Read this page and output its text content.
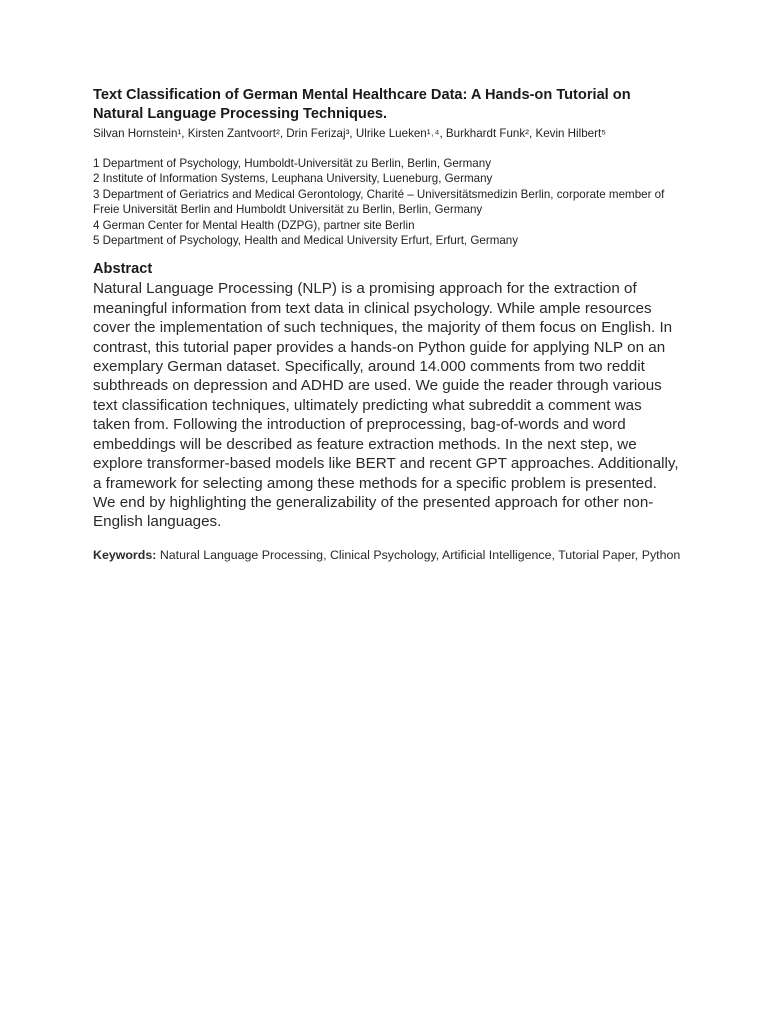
Text Classification of German Mental Healthcare Data: A Hands-on Tutorial on Natural Language Processing Techniques.

Silvan Hornstein¹, Kirsten Zantvoort², Drin Ferizaj³, Ulrike Lueken¹˒⁴, Burkhardt Funk², Kevin Hilbert⁵

1 Department of Psychology, Humboldt-Universität zu Berlin, Berlin, Germany
2 Institute of Information Systems, Leuphana University, Lueneburg, Germany
3 Department of Geriatrics and Medical Gerontology, Charité – Universitätsmedizin Berlin, corporate member of Freie Universität Berlin and Humboldt Universität zu Berlin, Berlin, Germany
4 German Center for Mental Health (DZPG), partner site Berlin
5 Department of Psychology, Health and Medical University Erfurt, Erfurt, Germany
Abstract

Natural Language Processing (NLP) is a promising approach for the extraction of meaningful information from text data in clinical psychology. While ample resources cover the implementation of such techniques, the majority of them focus on English. In contrast, this tutorial paper provides a hands-on Python guide for applying NLP on an exemplary German dataset. Specifically, around 14.000 comments from two reddit subthreads on depression and ADHD are used. We guide the reader through various text classification techniques, ultimately predicting what subreddit a comment was taken from. Following the introduction of preprocessing, bag-of-words and word embeddings will be described as feature extraction methods. In the next step, we explore transformer-based models like BERT and recent GPT approaches. Additionally, a framework for selecting among these methods for a specific problem is presented. We end by highlighting the generalizability of the presented approach for other non-English languages.

Keywords: Natural Language Processing, Clinical Psychology, Artificial Intelligence, Tutorial Paper, Python
